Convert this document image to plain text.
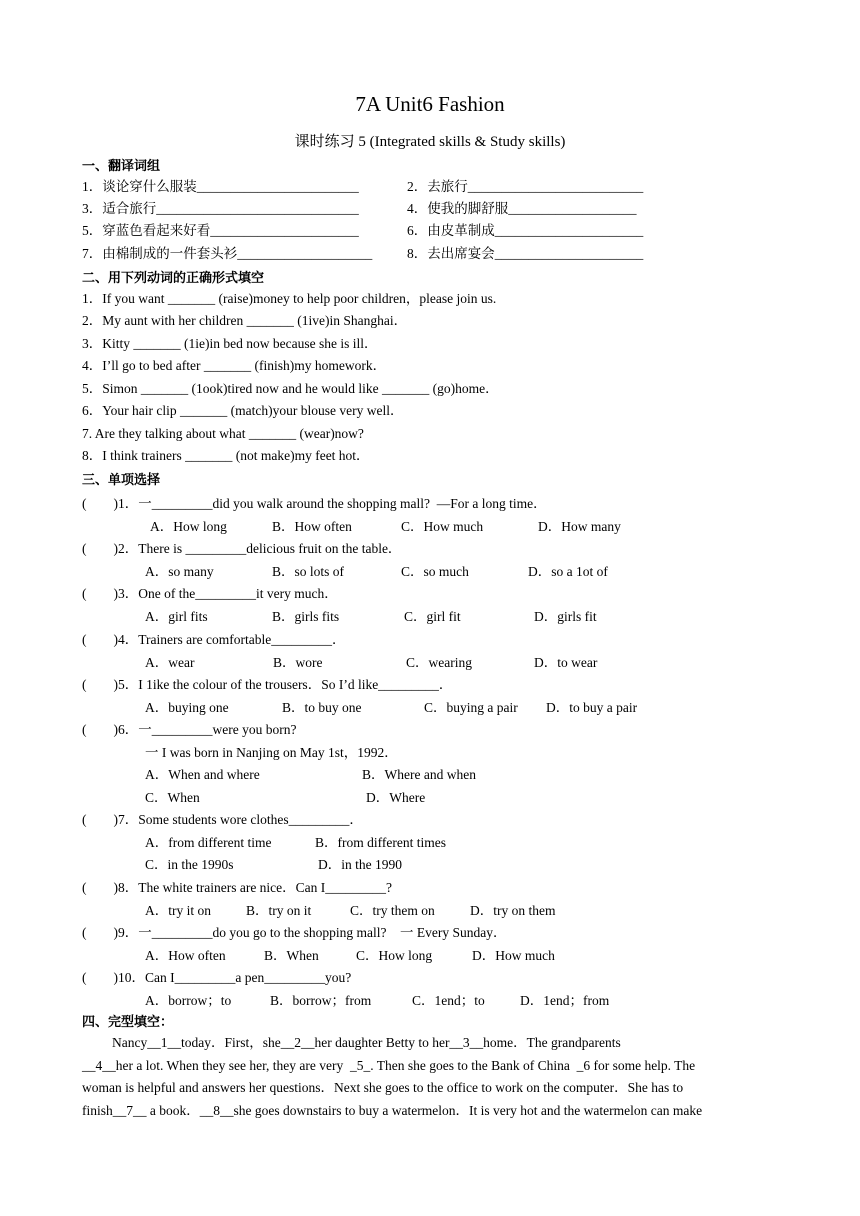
7A Unit6 Fashion
课时练习 5 (Integrated skills & Study skills)
一、翻译词组
1．谈论穿什么服装________________________	2．去旅行__________________________
3．适合旅行______________________________	4．使我的脚舒服___________________
5．穿蓝色看起来好看______________________	6．由皮革制成______________________
7．由棉制成的一件套头衫____________________	8．去出席宴会______________________
二、用下列动词的正确形式填空
1．If you want _______ (raise)money to help poor children，please join us.
2．My aunt with her children _______ (1ive)in Shanghai．
3．Kitty _______ (1ie)in bed now because she is ill．
4．I’ll go to bed after _______ (finish)my homework．
5．Simon _______ (1ook)tired now and he would like _______ (go)home．
6．Your hair clip _______ (match)your blouse very well．
7. Are they talking about what _______ (wear)now?
8．I think trainers _______ (not make)my feet hot．
三、单项选择
(        )1．一_________did you walk around the shopping mall?  —For a long time．
A．How long	B．How often	C．How much	D．How many
(        )2．There is _________delicious fruit on the table．
A．so many	B．so lots of	C．so much	D．so a 1ot of
(        )3．One of the_________it very much．
A．girl fits	B．girls fits	C．girl fit	D．girls fit
(        )4．Trainers are comfortable_________．
A．wear	B．wore	C．wearing	D．to wear
(        )5．I 1ike the colour of the trousers．So I’d like_________．
A．buying one	B．to buy one	C．buying a pair D．to buy a pair
(        )6．一_________were you born?
一 I was born in Nanjing on May 1st，1992．
A．When and where	B．Where and when
C．When	D．Where
(        )7．Some students wore clothes_________．
A．from different time	B．from different times
C．in the 1990s	D．in the 1990
(        )8．The white trainers are nice．Can I_________?
A．try it on	B．try on it	C．try them on	D．try on them
(        )9．一_________do you go to the shopping mall?    一 Every Sunday．
A．How often	B．When	C．How long	D．How much
(        )10．Can I_________a pen_________you?
A．borrow；to	B．borrow；from	C．1end；to	D．1end；from
四、完型填空：
Nancy__1__today．First，she__2__her daughter Betty to her__3__home．The grandparents
__4__her a lot. When they see her, they are very  _5_. Then she goes to the Bank of China  _6 for some help. The
woman is helpful and answers her questions．Next she goes to the office to work on the computer．She has to
finish__7__ a book．__8__she goes downstairs to buy a watermelon．It is very hot and the watermelon can make
